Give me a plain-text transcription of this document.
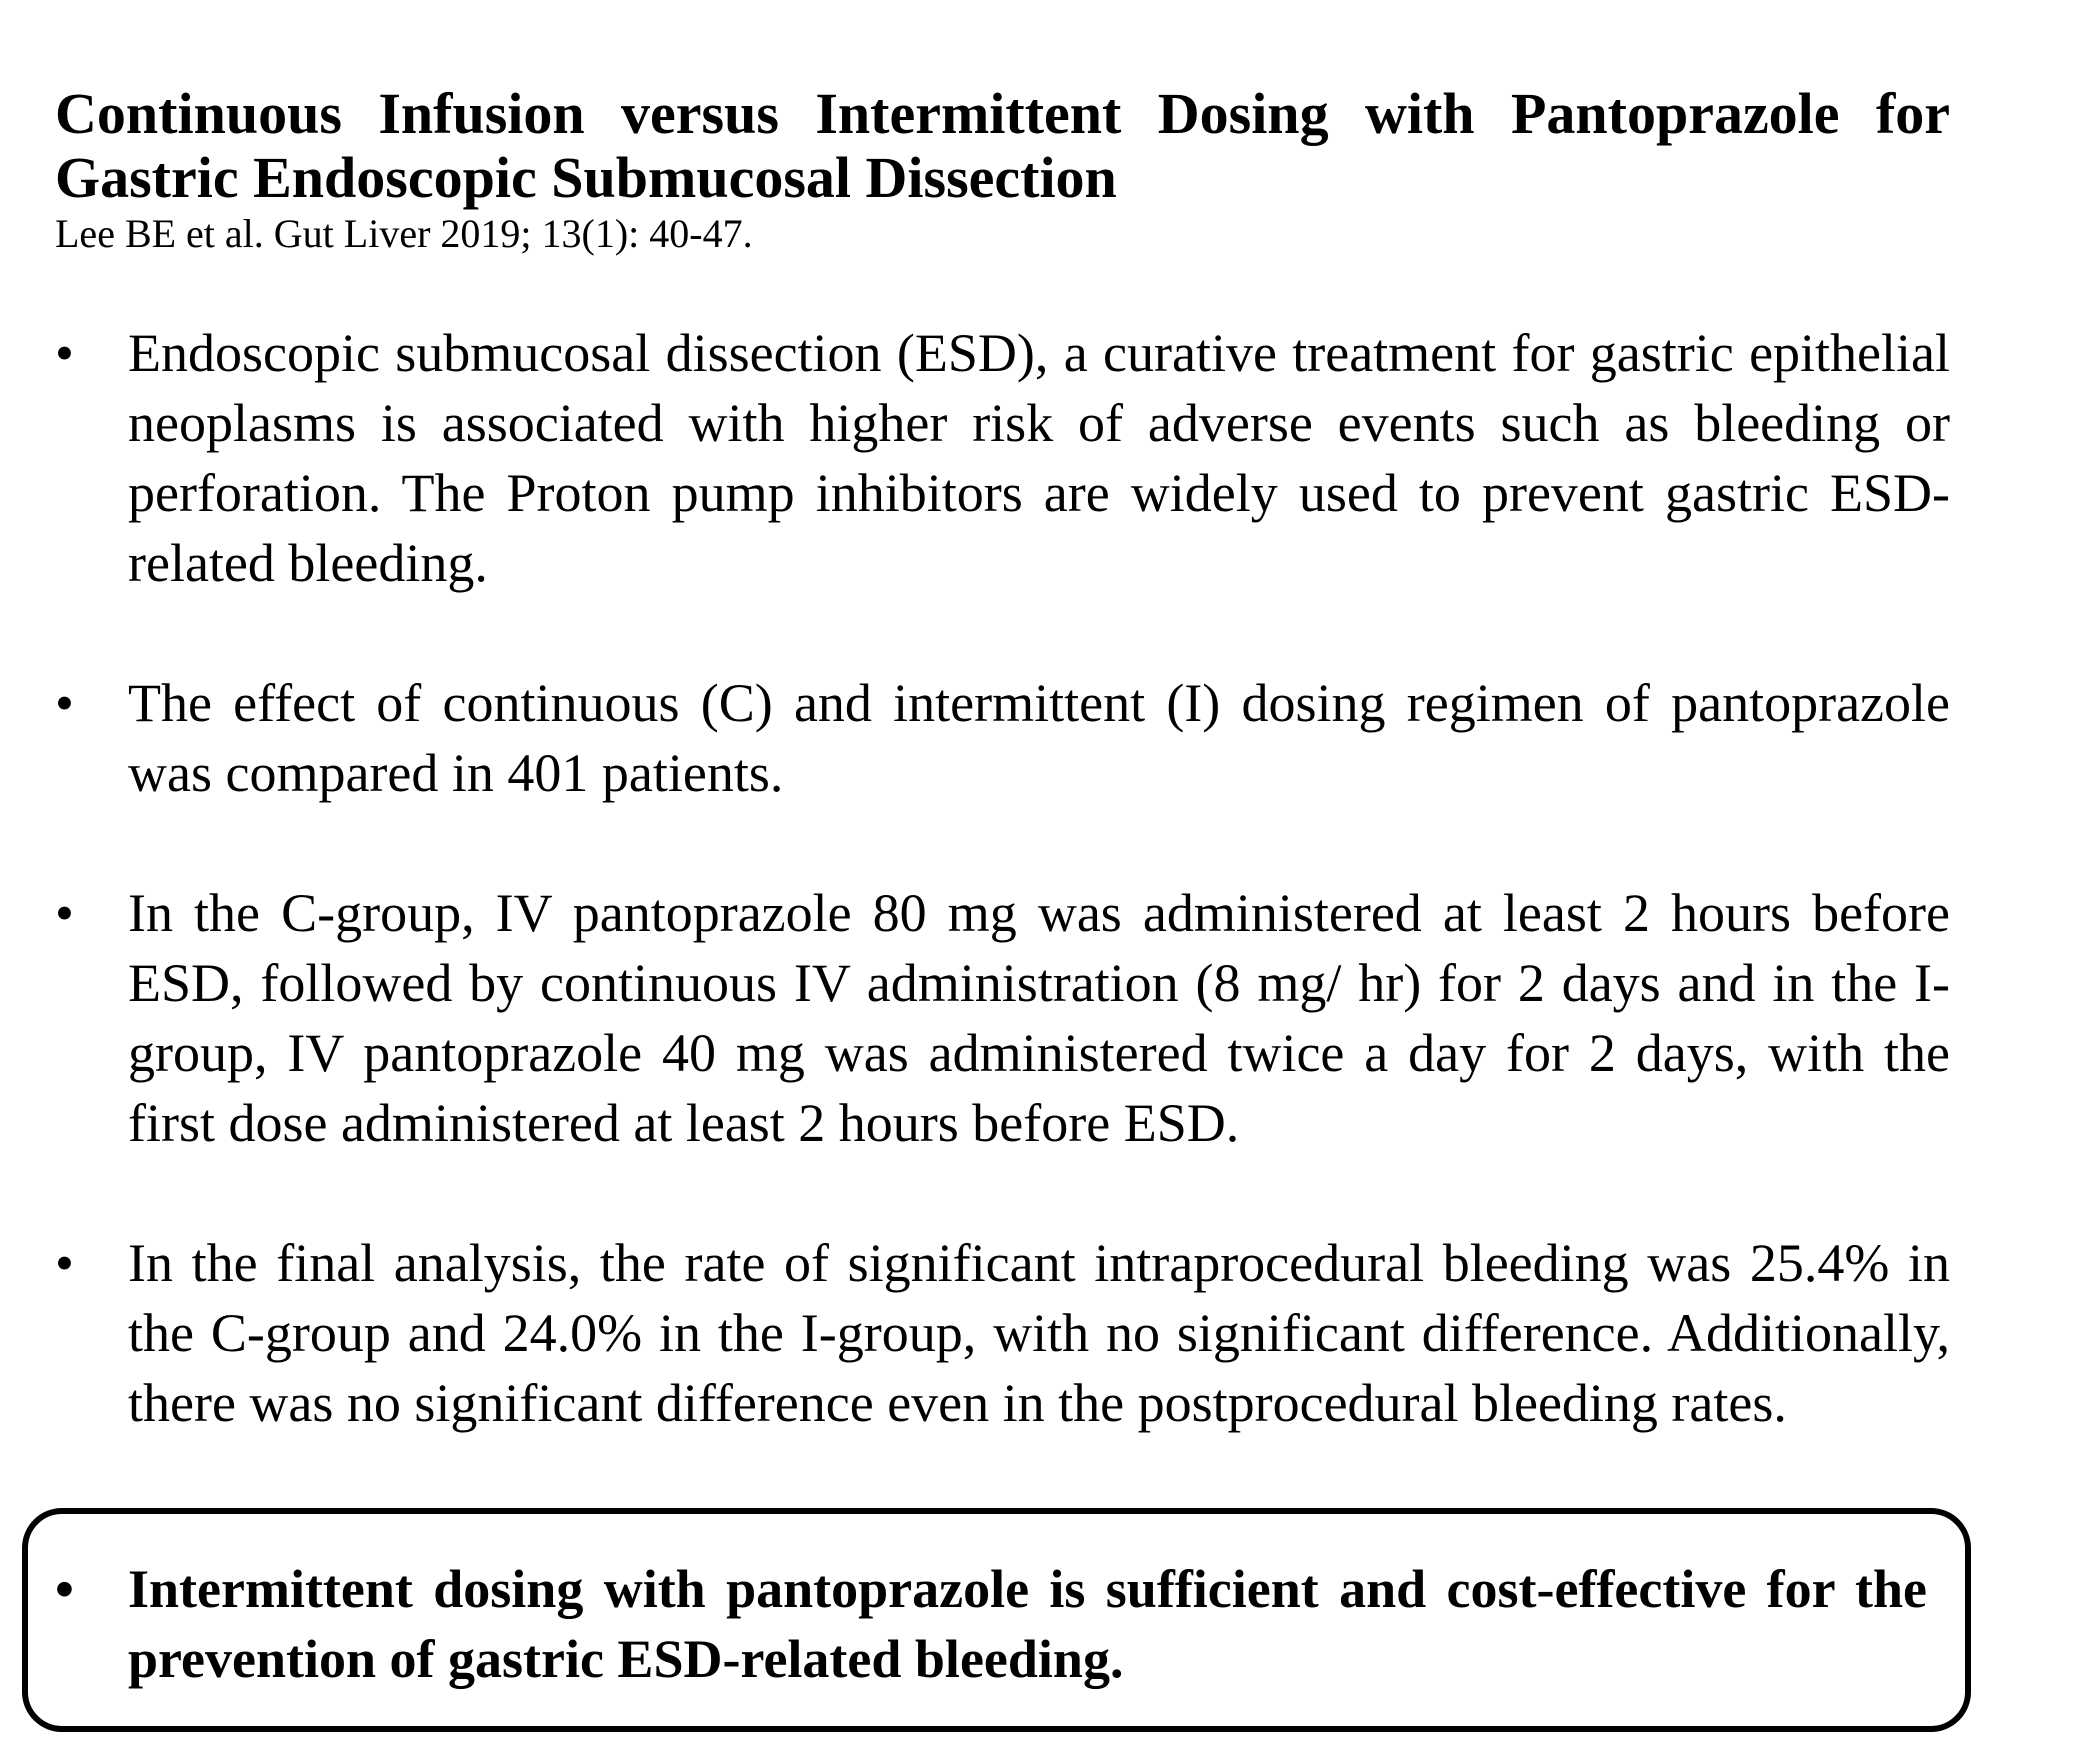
Continuous Infusion versus Intermittent Dosing with Pantoprazole for
Gastric Endoscopic Submucosal Dissection

Lee BE et al. Gut Liver 2019; 13(1): 40-47.

•	Endoscopic submucosal dissection (ESD), a curative treatment for gastric epithelial neoplasms is associated with higher risk of adverse events such as bleeding or perforation. The Proton pump inhibitors are widely used to prevent gastric ESD-related bleeding.

•	The effect of continuous (C) and intermittent (I) dosing regimen of pantoprazole was compared in 401 patients.

•	In the C-group, IV pantoprazole 80 mg was administered at least 2 hours before ESD, followed by continuous IV administration (8 mg/ hr) for 2 days and in the I-group, IV pantoprazole 40 mg was administered twice a day for 2 days, with the first dose administered at least 2 hours before ESD.

•	In the final analysis, the rate of significant intraprocedural bleeding was 25.4% in the C-group and 24.0% in the I-group, with no significant difference. Additionally, there was no significant difference even in the postprocedural bleeding rates.

•	Intermittent dosing with pantoprazole is sufficient and cost-effective for the prevention of gastric ESD-related bleeding.
